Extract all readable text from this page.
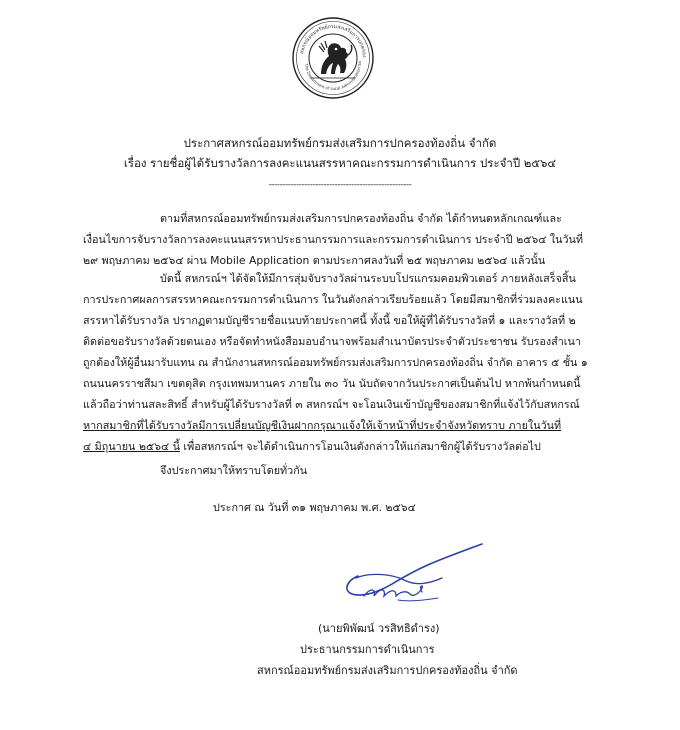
สหกรณ์ออมทรัพย์กรมส่งเสริมการปกครอง
The Department of Local Administration Sa
ประกาศสหกรณ์ออมทรัพย์กรมส่งเสริมการปกครองท้องถิ่น จำกัด
เรื่อง รายชื่อผู้ได้รับรางวัลการลงคะแนนสรรหาคณะกรรมการดำเนินการ ประจำปี ๒๕๖๔
----------------------------------------------------
ตามที่สหกรณ์ออมทรัพย์กรมส่งเสริมการปกครองท้องถิ่น จำกัด ได้กำหนดหลักเกณฑ์และ
เงื่อนไขการจับรางวัลการลงคะแนนสรรหาประธานกรรมการและกรรมการดำเนินการ ประจำปี ๒๕๖๔ ในวันที่
๒๙ พฤษภาคม ๒๕๖๔ ผ่าน Mobile Application ตามประกาศลงวันที่ ๒๕ พฤษภาคม ๒๕๖๔ แล้วนั้น
บัดนี้ สหกรณ์ฯ ได้จัดให้มีการสุ่มจับรางวัลผ่านระบบโปรแกรมคอมพิวเตอร์ ภายหลังเสร็จสิ้น
การประกาศผลการสรรหาคณะกรรมการดำเนินการ ในวันดังกล่าวเรียบร้อยแล้ว โดยมีสมาชิกที่ร่วมลงคะแนน
สรรหาได้รับรางวัล ปรากฏตามบัญชีรายชื่อแนบท้ายประกาศนี้ ทั้งนี้ ขอให้ผู้ที่ได้รับรางวัลที่ ๑ และรางวัลที่ ๒
ติดต่อขอรับรางวัลด้วยตนเอง หรือจัดทำหนังสือมอบอำนาจพร้อมสำเนาบัตรประจำตัวประชาชน รับรองสำเนา
ถูกต้องให้ผู้อื่นมารับแทน ณ สำนักงานสหกรณ์ออมทรัพย์กรมส่งเสริมการปกครองท้องถิ่น จำกัด อาคาร ๕ ชั้น ๑
ถนนนครราชสีมา เขตดุสิต กรุงเทพมหานคร ภายใน ๓๐ วัน นับถัดจากวันประกาศเป็นต้นไป หากพ้นกำหนดนี้
แล้วถือว่าท่านสละสิทธิ์ สำหรับผู้ได้รับรางวัลที่ ๓ สหกรณ์ฯ จะโอนเงินเข้าบัญชีของสมาชิกที่แจ้งไว้กับสหกรณ์
หากสมาชิกที่ได้รับรางวัลมีการเปลี่ยนบัญชีเงินฝากกรุณาแจ้งให้เจ้าหน้าที่ประจำจังหวัดทราบ ภายในวันที่
๔ มิถุนายน ๒๕๖๔ นี้ เพื่อสหกรณ์ฯ จะได้ดำเนินการโอนเงินดังกล่าวให้แก่สมาชิกผู้ได้รับรางวัลต่อไป
จึงประกาศมาให้ทราบโดยทั่วกัน
ประกาศ ณ วันที่ ๓๑ พฤษภาคม พ.ศ. ๒๕๖๔
(นายพิพัฒน์ วรสิทธิดำรง)
ประธานกรรมการดำเนินการ
สหกรณ์ออมทรัพย์กรมส่งเสริมการปกครองท้องถิ่น จำกัด
